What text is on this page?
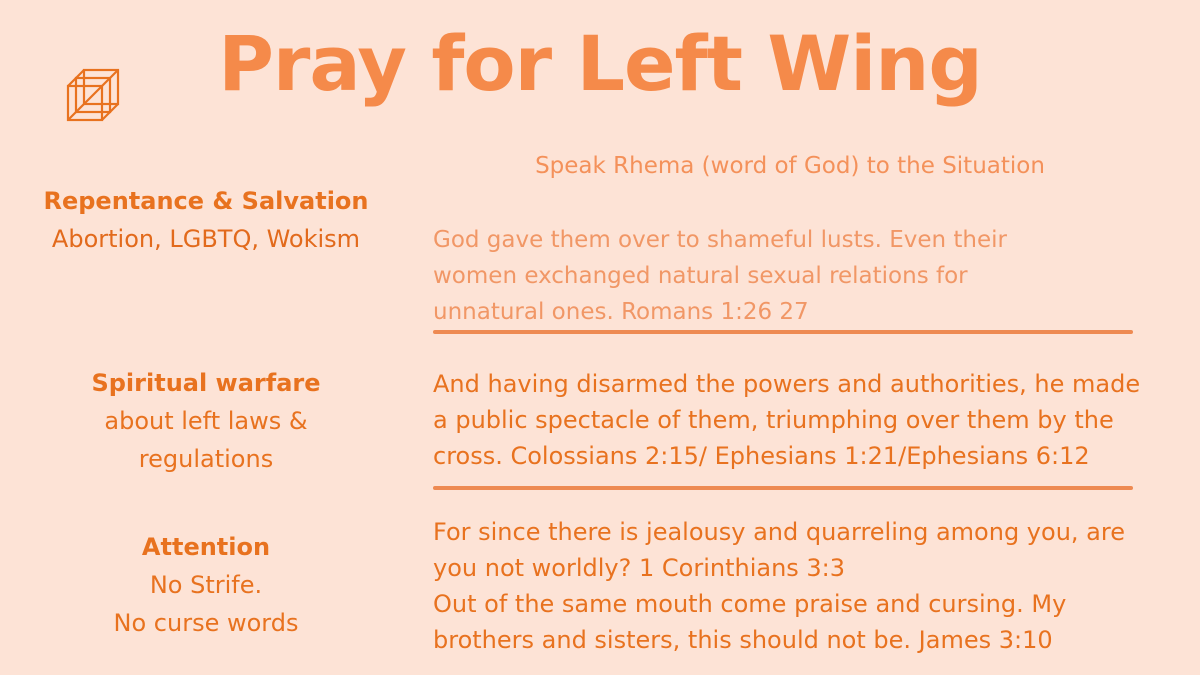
Pray for Left Wing
Speak Rhema (word of God) to the Situation
Repentance & Salvation
Abortion, LGBTQ, Wokism	God gave them over to shameful lusts. Even their
women exchanged natural sexual relations for
unnatural ones. Romans 1:26 27
Spiritual warfare
about left laws &
regulations
And having disarmed the powers and authorities, he made
a public spectacle of them, triumphing over them by the
cross. Colossians 2:15/ Ephesians 1:21/Ephesians 6:12
Attention
No Strife.
No curse words
For since there is jealousy and quarreling among you, are
you not worldly? 1 Corinthians 3:3
Out of the same mouth come praise and cursing. My
brothers and sisters, this should not be. James 3:10
